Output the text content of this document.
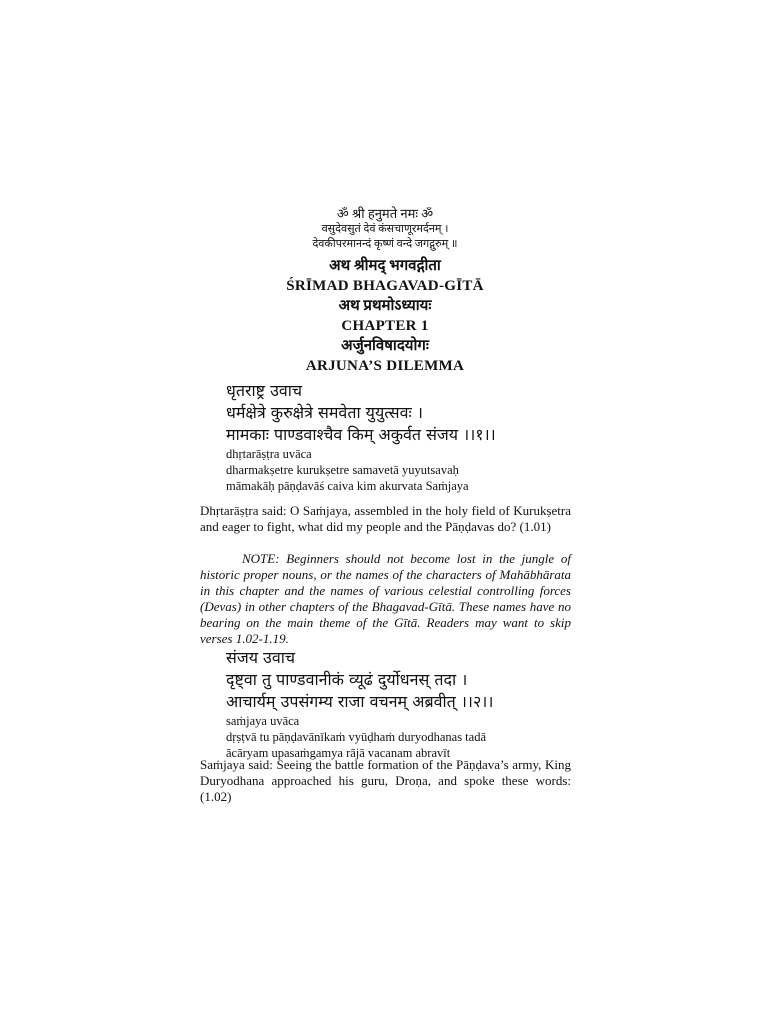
ॐ श्री हनुमते नमः ॐ
वसुदेवसुतं देवं कंसचाणूरमर्दनम् ।
देवकीपरमानन्दं कृष्णं वन्दे जगद्गुरुम् ॥
अथ श्रीमद् भगवद्गीता
ŚRĪMAD BHAGAVAD-GĪTĀ
अथ प्रथमोऽध्यायः
CHAPTER 1
अर्जुनविषादयोगः
ARJUNA’S DILEMMA
धृतराष्ट्र उवाच
धर्मक्षेत्रे कुरुक्षेत्रे समवेता युयुत्सवः ।
मामकाः पाण्डवाश्चैव किम् अकुर्वत संजय ।।१।।
dhṛtarāṣṭra uvāca
dharmakṣetre kurukṣetre samavetā yuyutsavaḥ
māmakāḥ pāṇḍavāś caiva kim akurvata Saṁjaya
Dhṛtarāṣṭra said: O Saṁjaya, assembled in the holy field of Kurukṣetra and eager to fight, what did my people and the Pāṇḍavas do? (1.01)
NOTE: Beginners should not become lost in the jungle of historic proper nouns, or the names of the characters of Mahābhārata in this chapter and the names of various celestial controlling forces (Devas) in other chapters of the Bhagavad-Gītā. These names have no bearing on the main theme of the Gītā. Readers may want to skip verses 1.02-1.19.
संजय उवाच
दृष्ट्वा तु पाण्डवानीकं व्यूढं दुर्योधनस् तदा ।
आचार्यम् उपसंगम्य राजा वचनम् अब्रवीत् ।।२।।
saṁjaya uvāca
dṛṣṭvā tu pāṇḍavānīkaṁ vyūḍhaṁ duryodhanas tadā
ācāryam upasaṁgamya rājā vacanam abravīt
Saṁjaya said: Seeing the battle formation of the Pāṇḍava’s army, King Duryodhana approached his guru, Droṇa, and spoke these words: (1.02)
